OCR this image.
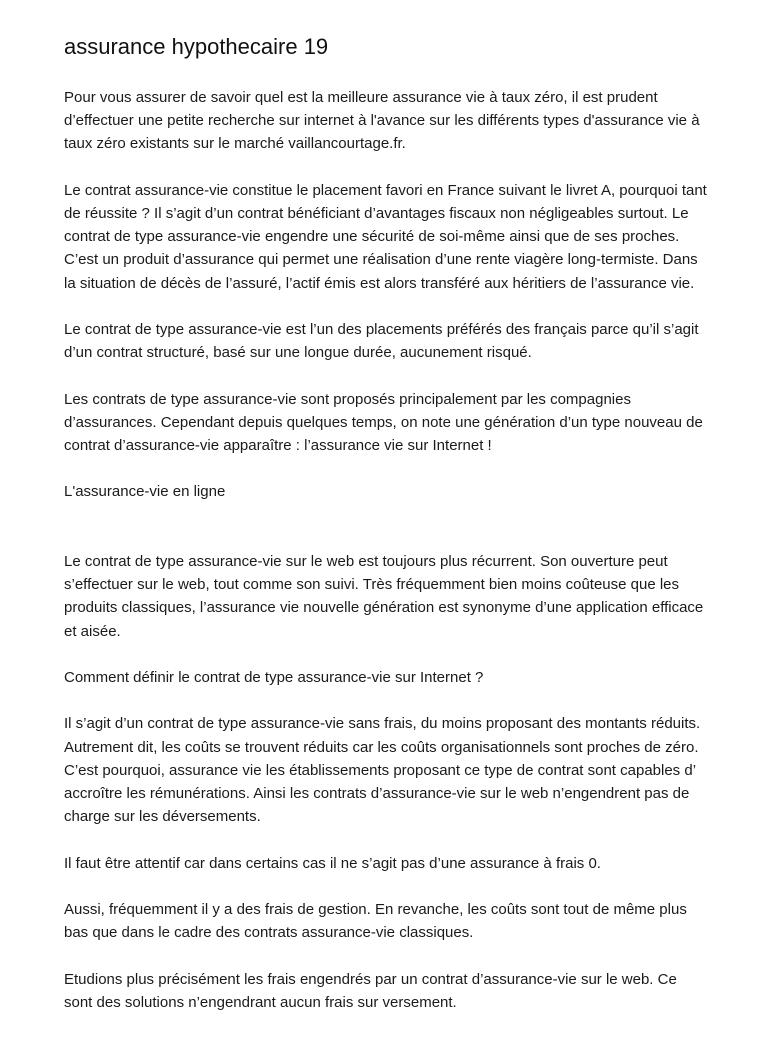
assurance hypothecaire 19

Pour vous assurer de savoir quel est la meilleure assurance vie à taux zéro, il est prudent d’effectuer une petite recherche sur internet à l'avance sur les différents types d'assurance vie à taux zéro existants sur le marché vaillancourtage.fr.

Le contrat assurance-vie constitue le placement favori en France suivant le livret A, pourquoi tant de réussite ? Il s’agit d’un contrat bénéficiant d’avantages fiscaux non négligeables surtout. Le contrat de type assurance-vie engendre une sécurité de soi-même ainsi que de ses proches. C’est un produit d’assurance qui permet une réalisation d’une rente viagère long-termiste. Dans la situation de décès de l’assuré, l’actif émis est alors transféré aux héritiers de l’assurance vie.

Le contrat de type assurance-vie est l’un des placements préférés des français parce qu’il s’agit d’un contrat structuré, basé sur une longue durée, aucunement risqué.

Les contrats de type assurance-vie sont proposés principalement par les compagnies d’assurances. Cependant depuis quelques temps, on note une génération d’un type nouveau de contrat d’assurance-vie apparaître : l’assurance vie sur Internet !

L'assurance-vie en ligne

Le contrat de type assurance-vie sur le web est toujours plus récurrent. Son ouverture peut s’effectuer sur le web, tout comme son suivi. Très fréquemment bien moins coûteuse que les produits classiques, l’assurance vie nouvelle génération est synonyme d’une application efficace et aisée.

Comment définir le contrat de type assurance-vie sur Internet ?

Il s’agit d’un contrat de type assurance-vie sans frais, du moins proposant des montants réduits. Autrement dit, les coûts se trouvent réduits car les coûts organisationnels sont proches de zéro. C’est pourquoi, assurance vie les établissements proposant ce type de contrat sont capables d’ accroître les rémunérations. Ainsi les contrats d’assurance-vie sur le web n’engendrent pas de charge sur les déversements.

Il faut être attentif car dans certains cas il ne s’agit pas d’une assurance à frais 0.

Aussi, fréquemment il y a des frais de gestion. En revanche, les coûts sont tout de même plus bas que dans le cadre des contrats assurance-vie classiques.

Etudions plus précisément les frais engendrés par un contrat d’assurance-vie sur le web. Ce sont des solutions n’engendrant aucun frais sur versement.
